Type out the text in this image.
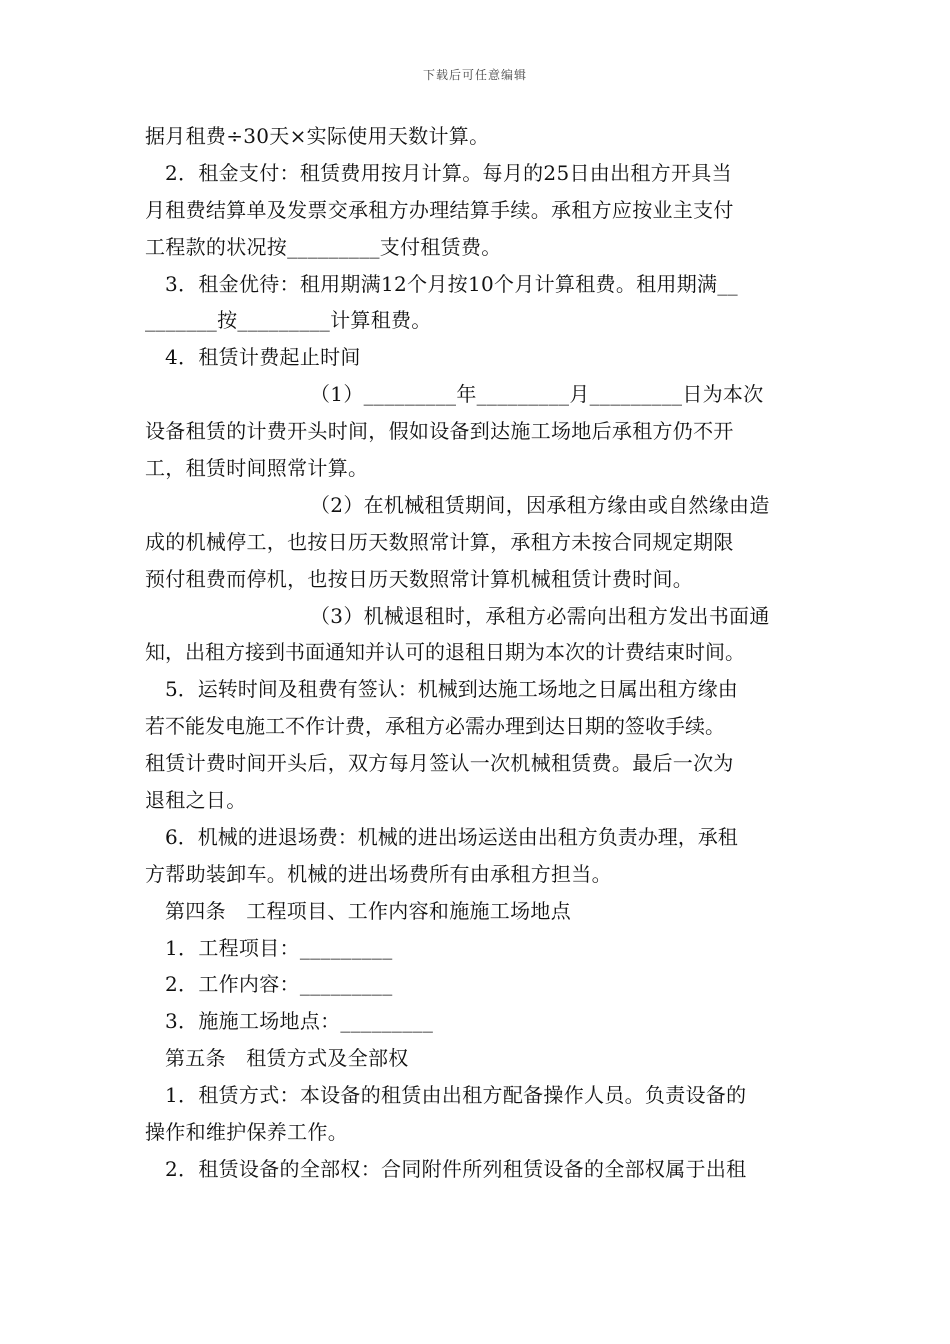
下载后可任意编辑
据月租费÷30天×实际使用天数计算。
2．租金支付：租赁费用按月计算。每月的25日由出租方开具当
月租费结算单及发票交承租方办理结算手续。承租方应按业主支付
工程款的状况按_________支付租赁费。
3．租金优待：租用期满12个月按10个月计算租费。租用期满__
_______按_________计算租费。
4．租赁计费起止时间
（1）_________年_________月_________日为本次
设备租赁的计费开头时间，假如设备到达施工场地后承租方仍不开
工，租赁时间照常计算。
（2）在机械租赁期间，因承租方缘由或自然缘由造
成的机械停工，也按日历天数照常计算，承租方未按合同规定期限
预付租费而停机，也按日历天数照常计算机械租赁计费时间。
（3）机械退租时，承租方必需向出租方发出书面通
知，出租方接到书面通知并认可的退租日期为本次的计费结束时间。
5．运转时间及租费有签认：机械到达施工场地之日属出租方缘由
若不能发电施工不作计费，承租方必需办理到达日期的签收手续。
租赁计费时间开头后，双方每月签认一次机械租赁费。最后一次为
退租之日。
6．机械的进退场费：机械的进出场运送由出租方负责办理，承租
方帮助装卸车。机械的进出场费所有由承租方担当。
第四条　工程项目、工作内容和施施工场地点
1．工程项目：_________
2．工作内容：_________
3．施施工场地点：_________
第五条　租赁方式及全部权
1．租赁方式：本设备的租赁由出租方配备操作人员。负责设备的
操作和维护保养工作。
2．租赁设备的全部权：合同附件所列租赁设备的全部权属于出租
